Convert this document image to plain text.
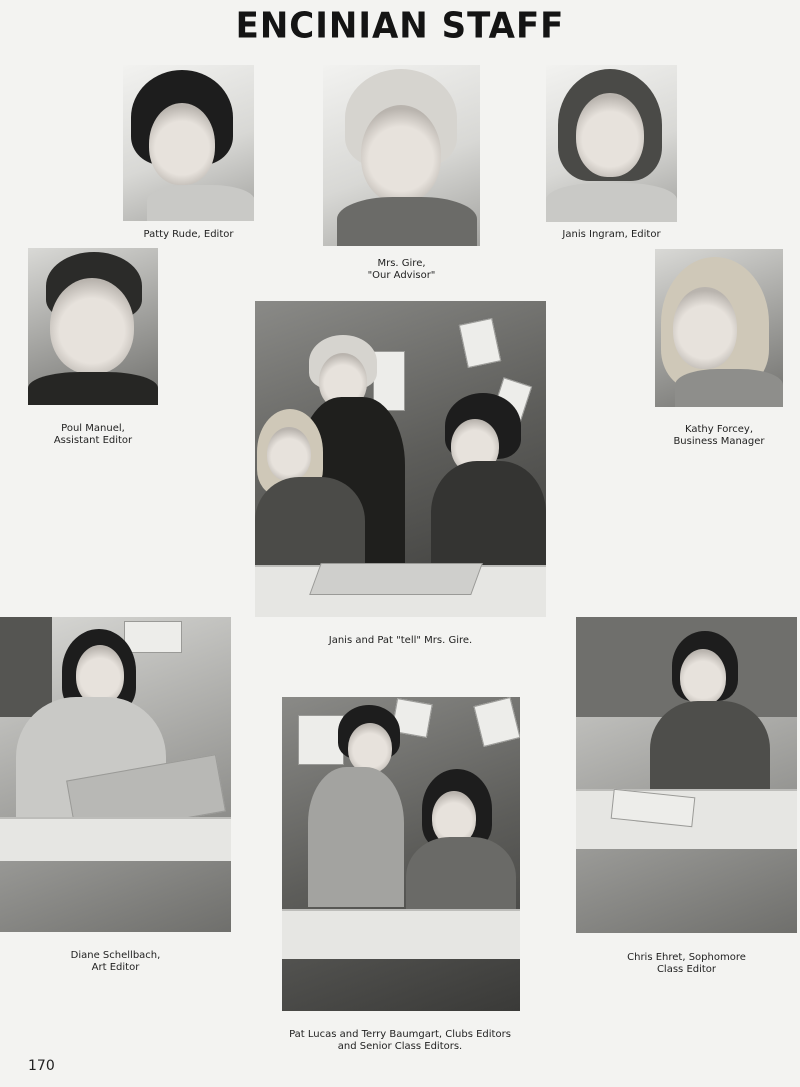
ENCINIAN STAFF
Patty Rude, Editor
Mrs. Gire,
"Our Advisor"
Janis Ingram, Editor
Poul Manuel,
Assistant Editor
Kathy Forcey,
Business Manager
Janis and Pat "tell" Mrs. Gire.
Diane Schellbach,
Art Editor
Pat Lucas and Terry Baumgart, Clubs Editors
and Senior Class Editors.
Chris Ehret, Sophomore
Class Editor
170
